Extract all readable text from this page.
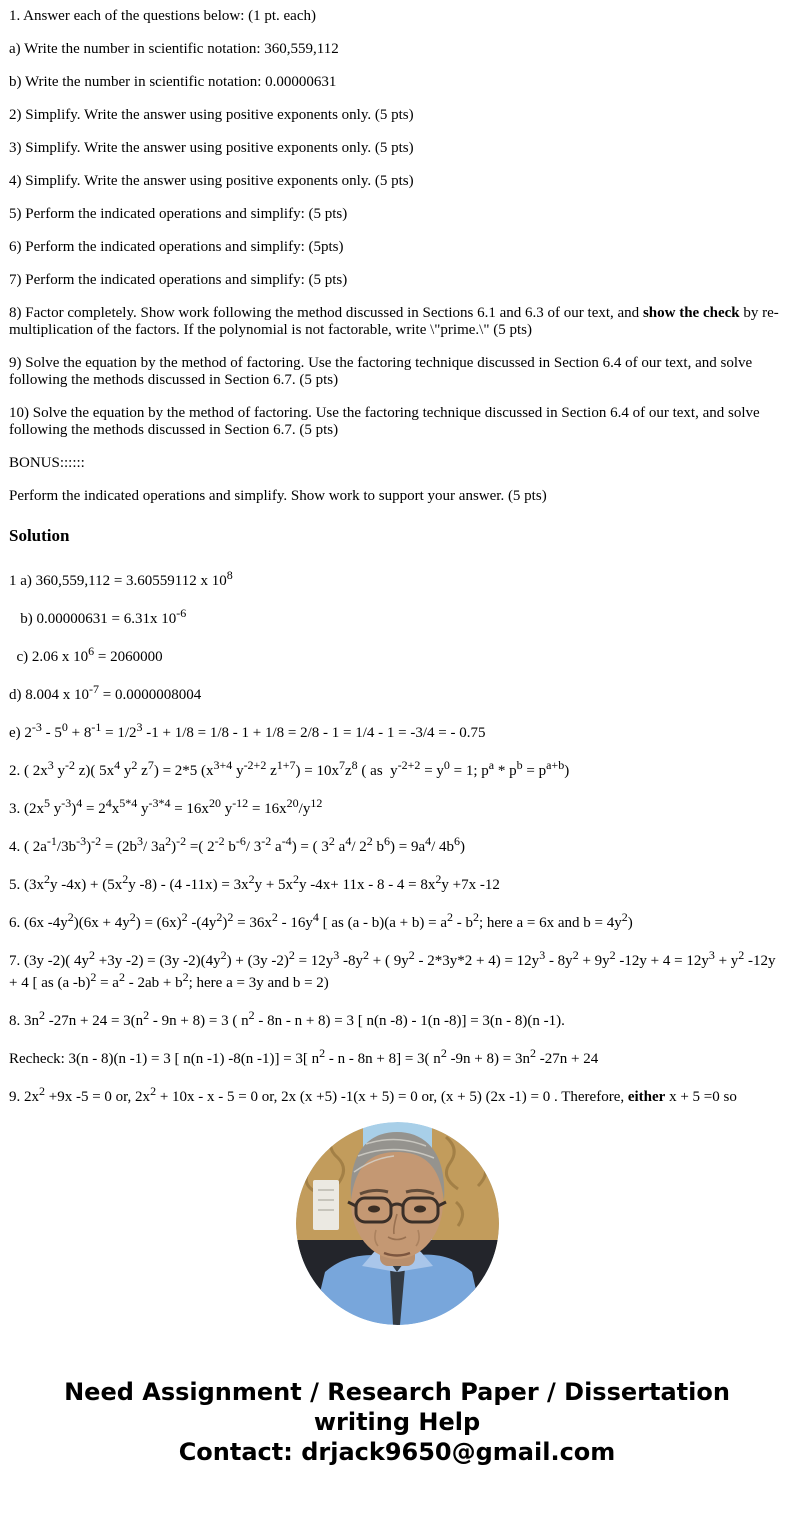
1. Answer each of the questions below: (1 pt. each)

a) Write the number in scientific notation: 360,559,112

b) Write the number in scientific notation: 0.00000631

2) Simplify. Write the answer using positive exponents only. (5 pts)

3) Simplify. Write the answer using positive exponents only. (5 pts)

4) Simplify. Write the answer using positive exponents only. (5 pts)

5) Perform the indicated operations and simplify: (5 pts)

6) Perform the indicated operations and simplify: (5pts)

7) Perform the indicated operations and simplify: (5 pts)

8) Factor completely. Show work following the method discussed in Sections 6.1 and 6.3 of our text, and show the check by re-multiplication of the factors. If the polynomial is not factorable, write \"prime.\" (5 pts)

9) Solve the equation by the method of factoring. Use the factoring technique discussed in Section 6.4 of our text, and solve following the methods discussed in Section 6.7. (5 pts)

10) Solve the equation by the method of factoring. Use the factoring technique discussed in Section 6.4 of our text, and solve following the methods discussed in Section 6.7. (5 pts)

BONUS::::::

Perform the indicated operations and simplify. Show work to support your answer. (5 pts)

Solution

1 a) 360,559,112 = 3.60559112 x $10^8$

b) 0.00000631 = 6.31x $10^{-6}$

c) 2.06 x $10^6 = 2060000$

d) 8.004 x $10^{-7} = 0.0000008004$

e) $2^{-3} - 5^0 + 8^{-1} = 1/2^3$ -1 + 1/8 = 1/8 - 1 + 1/8 = 2/8 - 1 = 1/4 - 1 = -3/4 = - 0.75

2. ( $2x^3$ $y^{-2}$ z)( $5x^4$ $y^2$ $z^7) = 2*5$ ($x^{3+4}$ $y^{-2+2}$ $z^{1+7}) = 10x^7z^8$ ( as  $y^{-2+2} = y^0 = 1$; $p^a * p^b = p^{a+b}$)

3. ($2x^5$ $y^{-3})^4 = 2^4x^{5*4}$ $y^{-3*4} = 16x^{20}$ $y^{-12} = 16x^{20}/y^{12}$

4. ( $2a^{-1}/3b^{-3})^{-2} = (2b^3/$ $3a^2)^{-2}$ =( $2^{-2}$ $b^{-6}/$ $3^{-2}$ $a^{-4}$) = ( $3^2$ $a^4/$ $2^2$ $b^6) = 9a^4/$ $4b^6$)

5. ($3x^2y$ $-4x) + (5x^2y$ -8) - (4 $-11x) = 3x^2y + 5x^2y$ $-4x+ 11x - 8 - 4 = 8x^2y +7x$ -12

6. (6x $-4y^2)(6x + 4y^2) = (6x)^2$ $-(4y^2)^2 = 36x^2 - 16y^4$ [ as $(a - b)(a + b) = a^2 - b^2$; here a = 6x and $b = 4y^2$)

7. (3y -2)( $4y^2 +3y$ -2) = (3y $-2)(4y^2) + (3y$ $-2)^2 = 12y^3$ $-8y^2$ + ( $9y^2 - 2*3y*2 + 4) = 12y^3 - 8y^2 + 9y^2$ $-12y + 4 = 12y^3 + y^2$ -12y + 4 [ as (a $-b)^2 = a^2 - 2ab + b^2$; here a = 3y and b = 2)

8. $3n^2$ $-27n + 24 = 3(n^2 - 9n + 8) = 3$ ( $n^2 - 8n - n + 8) = 3$ [ n(n -8) - 1(n -8)] = 3(n - 8)(n -1).

Recheck: 3(n - 8)(n -1) = 3 [ n(n -1) -8(n -1)] = 3[ $n^2 - n - 8n + 8] = 3$( $n^2$ $-9n + 8) = 3n^2$ -27n + 24

9. $2x^2 +9x$ -5 = 0 or, $2x^2 + 10x - x - 5 = 0$ or, 2x (x +5) -1(x + 5) = 0 or, (x + 5) (2x -1) = 0 . Therefore, either x + 5 =0 so

Need Assignment / Research Paper / Dissertation
writing Help
Contact: drjack9650@gmail.com
